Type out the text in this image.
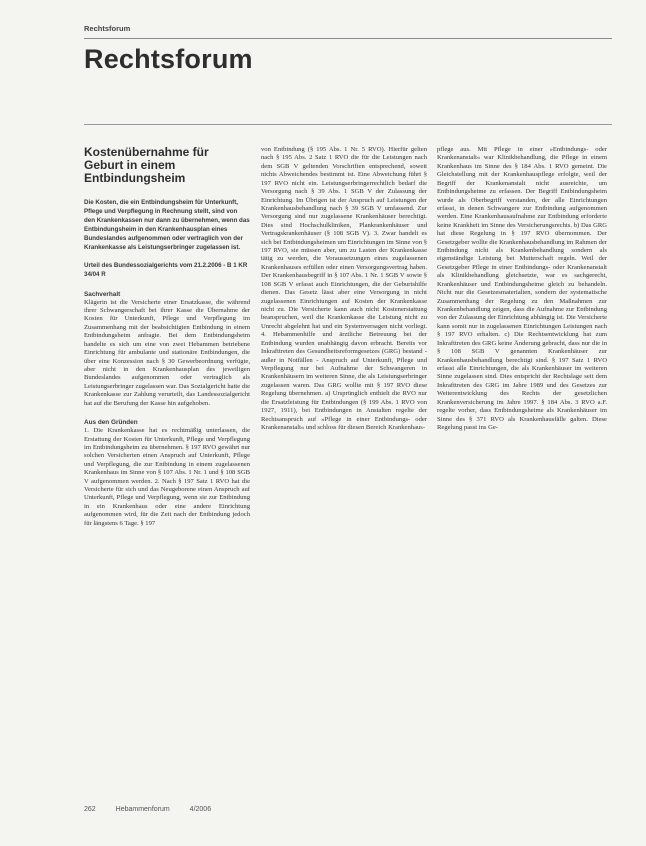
Rechtsforum
Rechtsforum
Kostenübernahme für Geburt in einem Entbindungsheim
Die Kosten, die ein Entbindungsheim für Unterkunft, Pflege und Verpflegung in Rechnung stellt, sind von den Krankenkassen nur dann zu übernehmen, wenn das Entbindungsheim in den Krankenhausplan eines Bundeslandes aufgenommen oder vertraglich von der Krankenkasse als Leistungserbringer zugelassen ist.
Urteil des Bundessozialgerichts vom 21.2.2006 - B 1 KR 34/04 R
Sachverhalt

Klägerin ist die Versicherte einer Ersatzkasse, die während ihrer Schwangerschaft bei ihrer Kasse die Übernahme der Kosten für Unterkunft, Pflege und Verpflegung im Zusammenhang mit der beabsichtigten Entbindung in einem Entbindungsheim anfragte. Bei dem Entbindungsheim handelte es sich um eine von zwei Hebammen betriebene Einrichtung für ambulante und stationäre Entbindungen, die über eine Konzession nach § 30 Gewerbeordnung verfügte, aber nicht in den Krankenhausplan des jeweiligen Bundeslandes aufgenommen oder vertraglich als Leistungserbringer zugelassen war. Das Sozialgericht hatte die Krankenkasse zur Zahlung verurteilt, das Landessozialgericht hat auf die Berufung der Kasse hin aufgehoben.

Aus den Gründen

1. Die Krankenkasse hat es rechtmäßig unterlassen, die Erstattung der Kosten für Unterkunft, Pflege und Verpflegung im Entbindungsheim zu übernehmen. § 197 RVO gewährt nur solchen Versicherten einen Anspruch auf Unterkunft, Pflege und Verpflegung, die zur Entbindung in einem zugelassenen Krankenhaus im Sinne von § 107 Abs. 1 Nr. 1 und § 108 SGB V aufgenommen werden. 2. Nach § 197 Satz 1 RVO hat die Versicherte für sich und das Neugeborene einen Anspruch auf Unterkunft, Pflege und Verpflegung, wenn sie zur Entbindung in ein Krankenhaus oder eine andere Einrichtung aufgenommen wird, für die Zeit nach der Entbindung jedoch für längstens 6 Tage. § 197

von Entbindung (§ 195 Abs. 1 Nr. 5 RVO). Hierfür gelten nach § 195 Abs. 2 Satz 1 RVO die für die Leistungen nach dem SGB V geltenden Vorschriften entsprechend, soweit nichts Abweichendes bestimmt ist. Eine Abweichung führt § 197 RVO nicht ein. Leistungserbringerrechtlich bedarf die Versorgung nach § 39 Abs. 1 SGB V der Zulassung der Einrichtung. Im Übrigen ist der Anspruch auf Leistungen der Krankenhausbehandlung nach § 39 SGB V umfassend. Zur Versorgung sind nur zugelassene Krankenhäuser berechtigt. Dies sind Hochschulkliniken, Plankrankenhäuser und Vertragskrankenhäuser (§ 108 SGB V). 3. Zwar handelt es sich bei Entbindungsheimen um Einrichtungen im Sinne von § 197 RVO, sie müssen aber, um zu Lasten der Krankenkasse tätig zu werden, die Voraussetzungen eines zugelassenen Krankenhauses erfüllen oder einen Versorgungsvertrag haben. Der Krankenhausbegriff in § 107 Abs. 1 Nr. 1 SGB V sowie § 108 SGB V erfasst auch Einrichtungen, die der Geburtshilfe dienen. Das Gesetz lässt aber eine Versorgung in nicht zugelassenen Einrichtungen auf Kosten der Krankenkasse nicht zu. Die Versicherte kann auch nicht Kostenerstattung beanspruchen, weil die Krankenkasse die Leistung nicht zu Unrecht abgelehnt hat und ein Systemversagen nicht vorliegt. 4. Hebammenhilfe und ärztliche Betreuung bei der Entbindung wurden unabhängig davon erbracht. Bereits vor Inkrafttreten des Gesundheitsreformgesetzes (GRG) bestand - außer in Notfällen - Anspruch auf Unterkunft, Pflege und Verpflegung nur bei Aufnahme der Schwangeren in Krankenhäusern im weiteren Sinne, die als Leistungserbringer zugelassen waren. Das GRG wollte mit § 197 RVO diese Regelung übernehmen. a) Ursprünglich enthielt die RVO nur die Ersatzleistung für Entbindungen (§ 199 Abs. 1 RVO von 1927, 1911), bei Entbindungen in Anstalten regelte der Rechtsanspruch auf »Pflege in einer Entbindungs- oder Krankenanstalt« und schloss für diesen Bereich Krankenhaus-

pflege aus. Mit Pflege in einer »Entbindungs- oder Krankenanstalt« war Klinikbehandlung, die Pflege in einem Krankenhaus im Sinne des § 184 Abs. 1 RVO gemeint. Die Gleichstellung mit der Krankenhauspflege erfolgte, weil der Begriff der Krankenanstalt nicht ausreichte, um Entbindungsheime zu erfassen. Der Begriff Entbindungsheim wurde als Oberbegriff verstanden, der alle Einrichtungen erfasst, in denen Schwangere zur Entbindung aufgenommen werden. Eine Krankenhausaufnahme zur Entbindung erforderte keine Krankheit im Sinne des Versicherungsrechts. b) Das GRG hat diese Regelung in § 197 RVO übernommen. Der Gesetzgeber wollte die Krankenhausbehandlung im Rahmen der Entbindung nicht als Krankenbehandlung sondern als eigenständige Leistung bei Mutterschaft regeln. Weil der Gesetzgeber Pflege in einer Entbindungs- oder Krankenanstalt als Klinikbehandlung gleichsetzte, war es sachgerecht, Krankenhäuser und Entbindungsheime gleich zu behandeln. Nicht nur die Gesetzesmaterialien, sondern der systematische Zusammenhang der Regelung zu den Maßnahmen zur Krankenbehandlung zeigen, dass die Aufnahme zur Entbindung von der Zulassung der Einrichtung abhängig ist. Die Versicherte kann somit nur in zugelassenen Einrichtungen Leistungen nach § 197 RVO erhalten. c) Die Rechtsentwicklung hat zum Inkrafttreten des GRG keine Änderung gebracht, dass nur die in § 108 SGB V genannten Krankenhäuser zur Krankenhausbehandlung berechtigt sind. § 197 Satz 1 RVO erfasst alle Einrichtungen, die als Krankenhäuser im weiteren Sinne zugelassen sind. Dies entspricht der Rechtslage seit dem Inkrafttreten des GRG im Jahre 1989 und des Gesetzes zur Weiterentwicklung des Rechts der gesetzlichen Krankenversicherung im Jahre 1997. § 184 Abs. 3 RVO a.F. regelte vorher, dass Entbindungsheime als Krankenhäuser im Sinne des § 371 RVO als Krankenhausfälle galten. Diese Regelung passt ins Ge-

262	Hebammenforum	4/2006
